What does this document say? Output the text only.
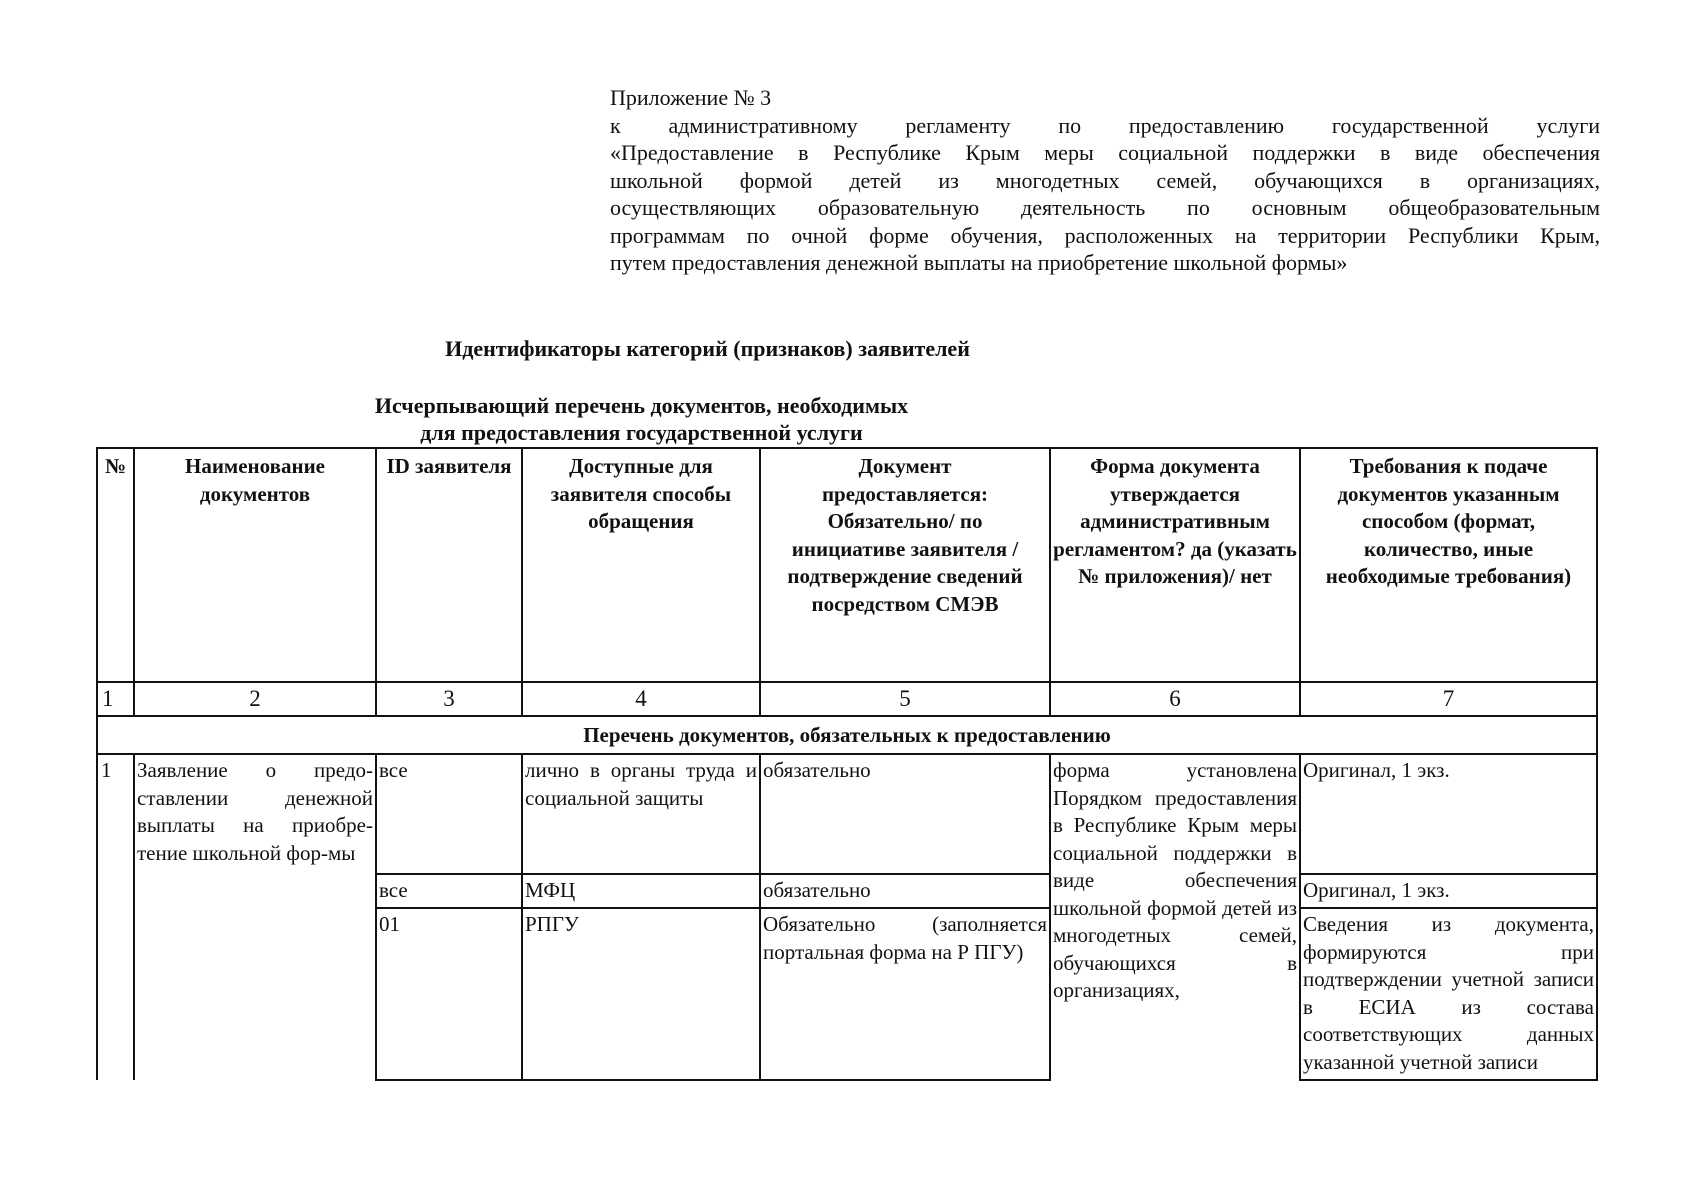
Приложение № 3
к административному регламенту по предоставлению государственной услуги
«Предоставление в Республике Крым меры социальной поддержки в виде обеспечения
школьной формой детей из многодетных семей, обучающихся в организациях,
осуществляющих образовательную деятельность по основным общеобразовательным
программам по очной форме обучения, расположенных на территории Республики Крым,
путем предоставления денежной выплаты на приобретение школьной формы»
Идентификаторы категорий (признаков) заявителей
Исчерпывающий перечень документов, необходимых
для предоставления государственной услуги
№	Наименование документов	ID заявителя	Доступные для заявителя способы обращения	Документ предоставляется: Обязательно/ по инициативе заявителя /подтверждение сведений посредством СМЭВ	Форма документа утверждается административным регламентом? да (указать № приложения)/ нет	Требования к подаче документов указанным способом (формат, количество, иные необходимые требования)
1	2	3	4	5	6	7
Перечень документов, обязательных к предоставлению						
1	Заявление о предо-ставлении денежной выплаты на приобре-тение школьной фор-мы	все	лично в органы труда и социальной защиты	обязательно	форма установлена Порядком предоставления в Республике Крым меры социальной поддержки в виде обеспечения школьной формой детей из многодетных семей, обучающихся в организациях,	Оригинал, 1 экз.
		все	МФЦ	обязательно		Оригинал, 1 экз.
		01	РПГУ	Обязательно (заполняется портальная форма на Р ПГУ)		Сведения из документа, формируются при подтверждении учетной записи в ЕСИА из состава соответствующих данных указанной учетной записи
